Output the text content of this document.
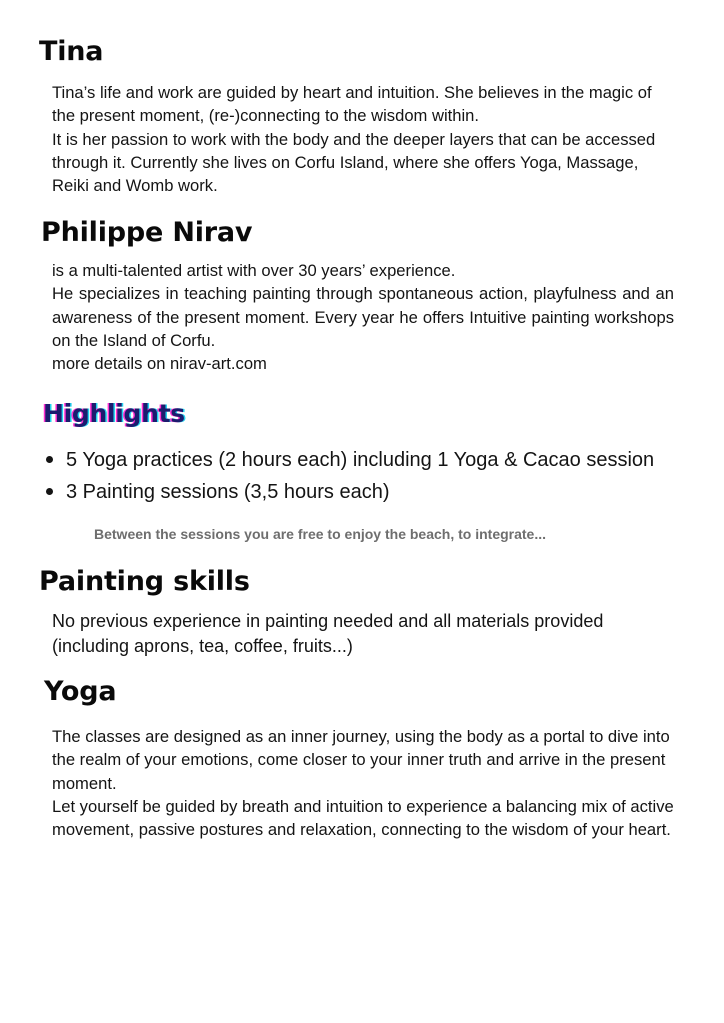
Tina

Tina’s life and work are guided by heart and intuition. She believes in the magic of the present moment, (re-)connecting to the wisdom within.

It is her passion to work with the body and the deeper layers that can be accessed through it. Currently she lives on Corfu Island, where she offers Yoga, Massage, Reiki and Womb work.

Philippe Nirav

is a multi-talented artist with over 30 years’ experience.

He specializes in teaching painting through spontaneous action, playfulness and an awareness of the present moment. Every year he offers Intuitive painting workshops on the Island of Corfu.

more details on nirav-art.com

Highlights
5 Yoga practices (2 hours each) including 1 Yoga & Cacao session
3 Painting sessions (3,5 hours each)

Between the sessions you are free to enjoy the beach, to integrate...

Painting skills

No previous experience in painting needed and all materials provided (including aprons, tea, coffee, fruits...)

Yoga

The classes are designed as an inner journey, using the body as a portal to dive into the realm of your emotions, come closer to your inner truth and arrive in the present moment.

Let yourself be guided by breath and intuition to experience a balancing mix of active movement, passive postures and relaxation, connecting to the wisdom of your heart.
